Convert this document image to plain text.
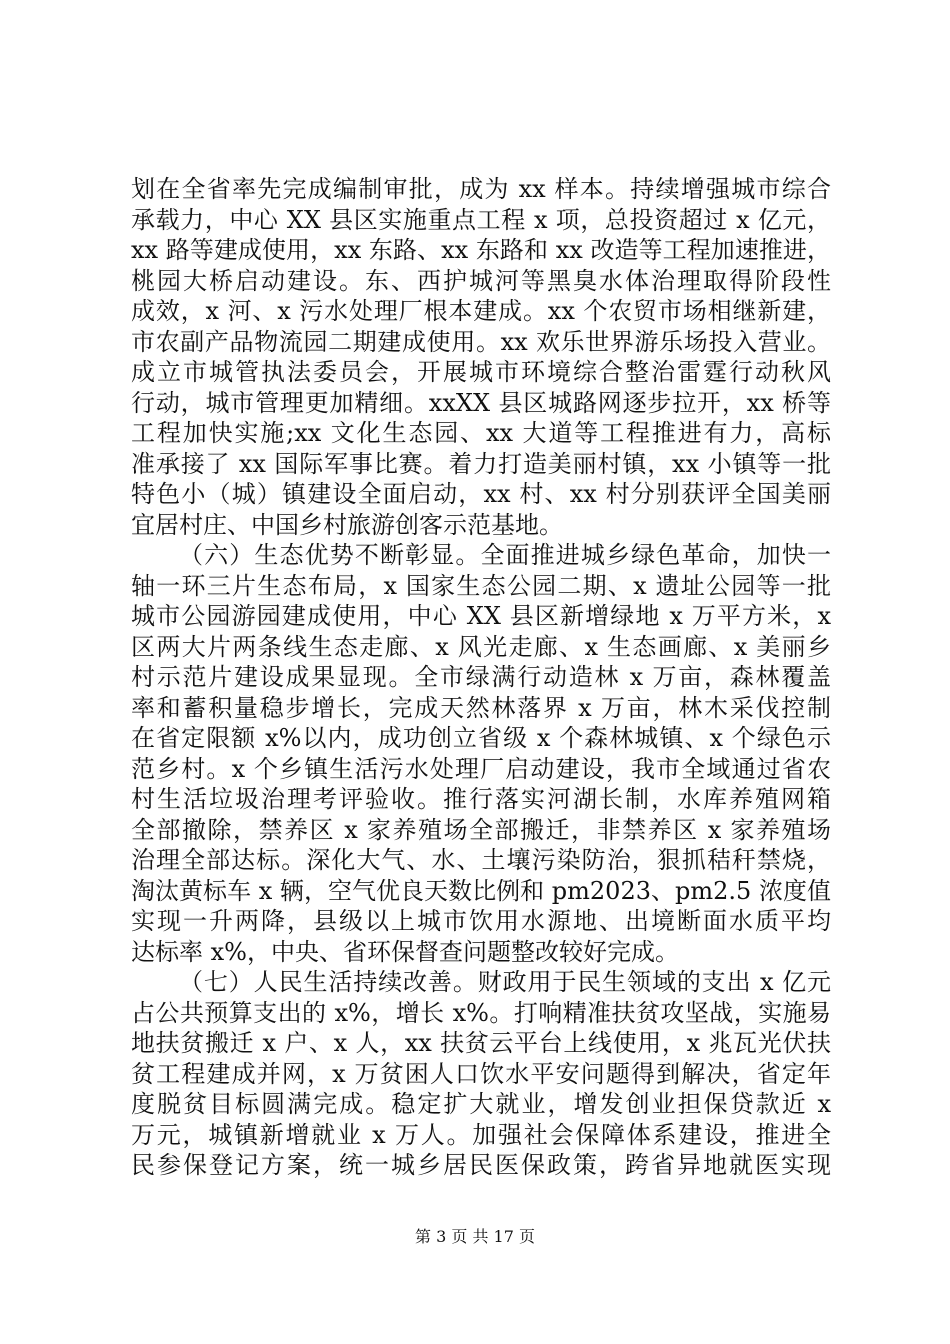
划在全省率先完成编制审批，成为 xx 样本。持续增强城市综合
承载力，中心 XX 县区实施重点工程 x 项，总投资超过 x 亿元，
xx 路等建成使用，xx 东路、xx 东路和 xx 改造等工程加速推进，
桃园大桥启动建设。东、西护城河等黑臭水体治理取得阶段性
成效，x 河、x 污水处理厂根本建成。xx 个农贸市场相继新建，
市农副产品物流园二期建成使用。xx 欢乐世界游乐场投入营业。
成立市城管执法委员会，开展城市环境综合整治雷霆行动秋风
行动，城市管理更加精细。xxXX 县区城路网逐步拉开，xx 桥等
工程加快实施;xx 文化生态园、xx 大道等工程推进有力，高标
准承接了 xx 国际军事比赛。着力打造美丽村镇，xx 小镇等一批
特色小（城）镇建设全面启动，xx 村、xx 村分别获评全国美丽
宜居村庄、中国乡村旅游创客示范基地。
（六）生态优势不断彰显。全面推进城乡绿色革命，加快一
轴一环三片生态布局，x 国家生态公园二期、x 遗址公园等一批
城市公园游园建成使用，中心 XX 县区新增绿地 x 万平方米，x
区两大片两条线生态走廊、x 风光走廊、x 生态画廊、x 美丽乡
村示范片建设成果显现。全市绿满行动造林 x 万亩，森林覆盖
率和蓄积量稳步增长，完成天然林落界 x 万亩，林木采伐控制
在省定限额 x%以内，成功创立省级 x 个森林城镇、x 个绿色示
范乡村。x 个乡镇生活污水处理厂启动建设，我市全域通过省农
村生活垃圾治理考评验收。推行落实河湖长制，水库养殖网箱
全部撤除，禁养区 x 家养殖场全部搬迁，非禁养区 x 家养殖场
治理全部达标。深化大气、水、土壤污染防治，狠抓秸秆禁烧，
淘汰黄标车 x 辆，空气优良天数比例和 pm2023、pm2.5 浓度值
实现一升两降，县级以上城市饮用水源地、出境断面水质平均
达标率 x%，中央、省环保督查问题整改较好完成。
（七）人民生活持续改善。财政用于民生领域的支出 x 亿元
占公共预算支出的 x%，增长 x%。打响精准扶贫攻坚战，实施易
地扶贫搬迁 x 户、x 人，xx 扶贫云平台上线使用，x 兆瓦光伏扶
贫工程建成并网，x 万贫困人口饮水平安问题得到解决，省定年
度脱贫目标圆满完成。稳定扩大就业，增发创业担保贷款近 x
万元，城镇新增就业 x 万人。加强社会保障体系建设，推进全
民参保登记方案，统一城乡居民医保政策，跨省异地就医实现
第 3 页 共 17 页
